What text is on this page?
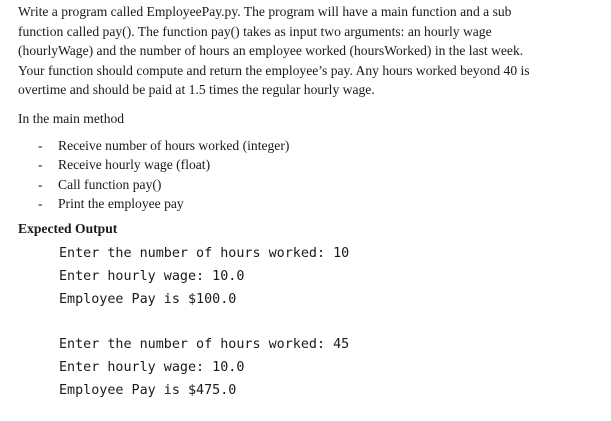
Write a program called EmployeePay.py. The program will have a main function and a sub
function called pay(). The function pay() takes as input two arguments: an hourly wage
(hourlyWage) and the number of hours an employee worked (hoursWorked) in the last week.
Your function should compute and return the employee’s pay. Any hours worked beyond 40 is
overtime and should be paid at 1.5 times the regular hourly wage.

In the main method

- Receive number of hours worked (integer)
- Receive hourly wage (float)
- Call function pay()
- Print the employee pay

Expected Output

Enter the number of hours worked: 10
Enter hourly wage: 10.0
Employee Pay is $100.0
Enter the number of hours worked: 45
Enter hourly wage: 10.0
Employee Pay is $475.0
